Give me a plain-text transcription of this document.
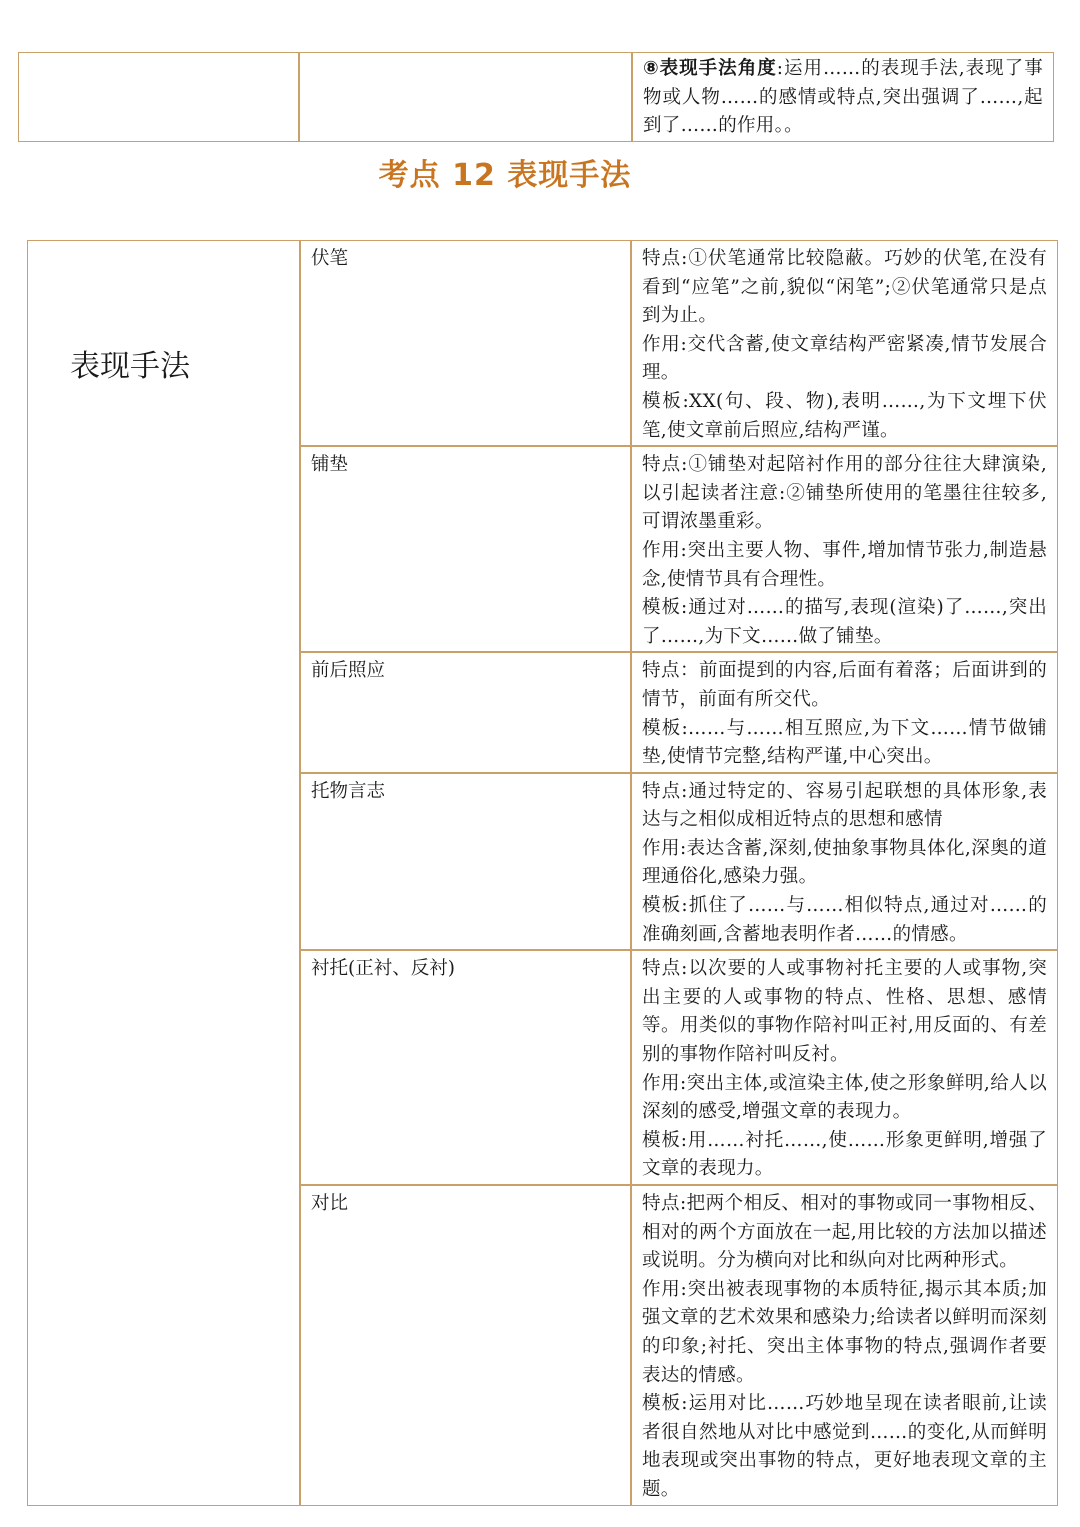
⑧表现手法角度:运用……的表现手法,表现了事物或人物……的感情或特点,突出强调了……,起到了……的作用。。
考点 12 表现手法
表现手法	伏笔	特点:①伏笔通常比较隐蔽。巧妙的伏笔,在没有看到“应笔”之前,貌似“闲笔”;②伏笔通常只是点到为止。
作用:交代含蓄,使文章结构严密紧凑,情节发展合理。
模板:XX(句、段、物),表明……,为下文埋下伏笔,使文章前后照应,结构严谨。

	铺垫	特点:①铺垫对起陪衬作用的部分往往大肆演染,以引起读者注意:②铺垫所使用的笔墨往往较多,可谓浓墨重彩。
作用:突出主要人物、事件,增加情节张力,制造悬念,使情节具有合理性。
模板:通过对……的描写,表现(渲染)了……,突出了……,为下文……做了铺垫。

	前后照应	特点：前面提到的内容,后面有着落；后面讲到的情节，前面有所交代。
模板:……与……相互照应,为下文……情节做铺垫,使情节完整,结构严谨,中心突出。

	托物言志	特点:通过特定的、容易引起联想的具体形象,表达与之相似成相近特点的思想和感情
作用:表达含蓄,深刻,使抽象事物具体化,深奥的道理通俗化,感染力强。
模板:抓住了……与……相似特点,通过对……的准确刻画,含蓄地表明作者……的情感。

	衬托(正衬、反衬)	特点:以次要的人或事物衬托主要的人或事物,突出主要的人或事物的特点、性格、思想、感情等。用类似的事物作陪衬叫正衬,用反面的、有差别的事物作陪衬叫反衬。
作用:突出主体,或渲染主体,使之形象鲜明,给人以深刻的感受,增强文章的表现力。
模板:用……衬托……,使……形象更鲜明,增强了文章的表现力。

	对比	特点:把两个相反、相对的事物或同一事物相反、相对的两个方面放在一起,用比较的方法加以描述或说明。分为横向对比和纵向对比两种形式。
作用:突出被表现事物的本质特征,揭示其本质;加强文章的艺术效果和感染力;给读者以鲜明而深刻的印象;衬托、突出主体事物的特点,强调作者要表达的情感。
模板:运用对比……巧妙地呈现在读者眼前,让读者很自然地从对比中感觉到……的变化,从而鲜明地表现或突出事物的特点，更好地表现文章的主题。
